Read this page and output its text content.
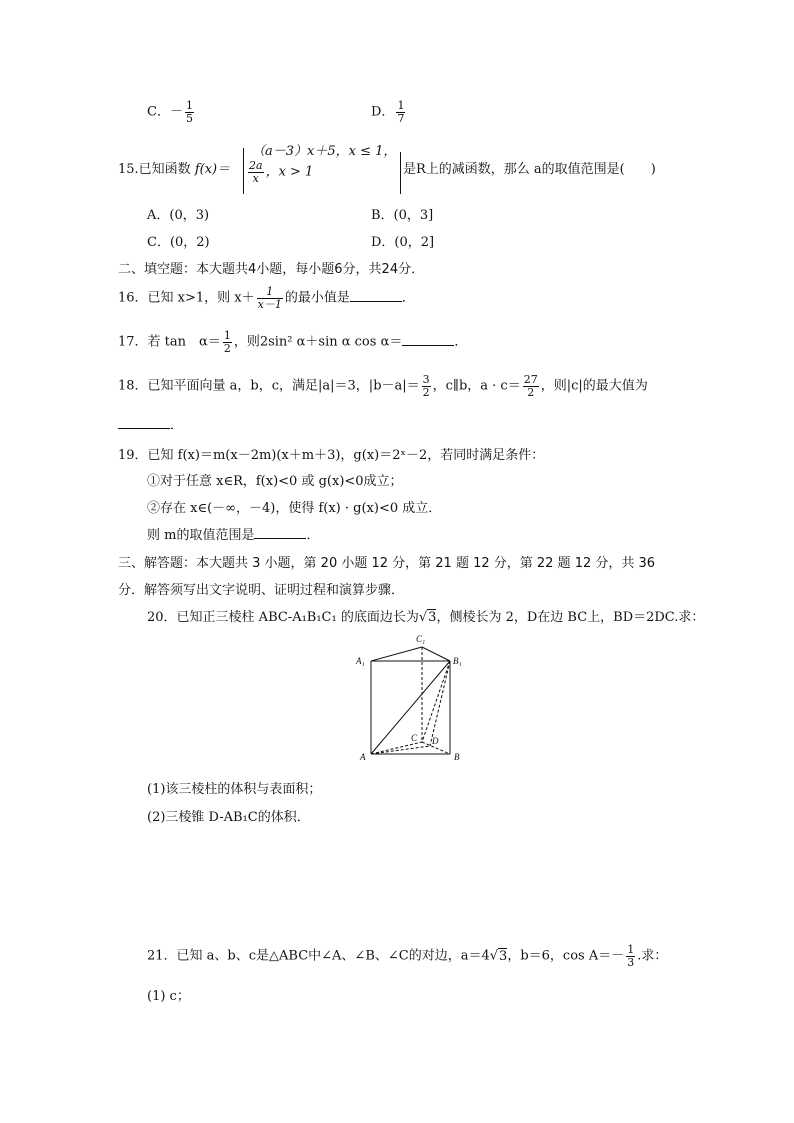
C．－ $\frac{1}{5}$	D． $\frac{1}{7}$
15.已知函数 f(x)＝
（a－3）x＋5，x ≤ 1，
$\frac{2a}{x}$ ，x > 1	是R上的减函数，那么 a的取值范围是(　　)
A．(0，3)	B．(0，3]
C．(0，2)	D．(0，2]
二、填空题：本大题共4小题，每小题6分，共24分．
16．已知 x>1，则 $x+ \frac{1}{x-1}$ 的最小值是	．
17．若 tan　$\alpha= \frac{1}{2}$ ，则2sin² α＋sin α cos α＝	．
18．已知平面向量 a，b，c，满足|a|＝3，$|b-a|= \frac{3}{2}$ ，c∥b，$a \cdot c= \frac{27}{2}$ ，则|c|的最大值为
．
19．已知 f(x)＝m(x－2m)(x＋m＋3)，g(x)＝2ˣ－2，若同时满足条件：
①对于任意 x∈R，f(x)<0 或 g(x)<0成立；
②存在 x∈(－∞，－4)，使得 f(x) · g(x)<0 成立．
则 m的取值范围是	．
三、解答题：本大题共 3 小题，第 20 小题 12 分，第 21 题 12 分，第 22 题 12 分，共 36
分．解答须写出文字说明、证明过程和演算步骤．
20．已知正三棱柱 ABC-A₁B₁C₁ 的底面边长为√3，侧棱长为 2，D在边 BC上，BD＝2DC.求：
C₁
A₁	B₁
C D
A	B
(1)该三棱柱的体积与表面积；
(2)三棱锥 D-AB₁C的体积．
21．已知 a、b、c是△ABC中∠A、∠B、∠C的对边，a＝4√3，b＝6，$\cos A=- \frac{1}{3}$ .求：
(1) c；
